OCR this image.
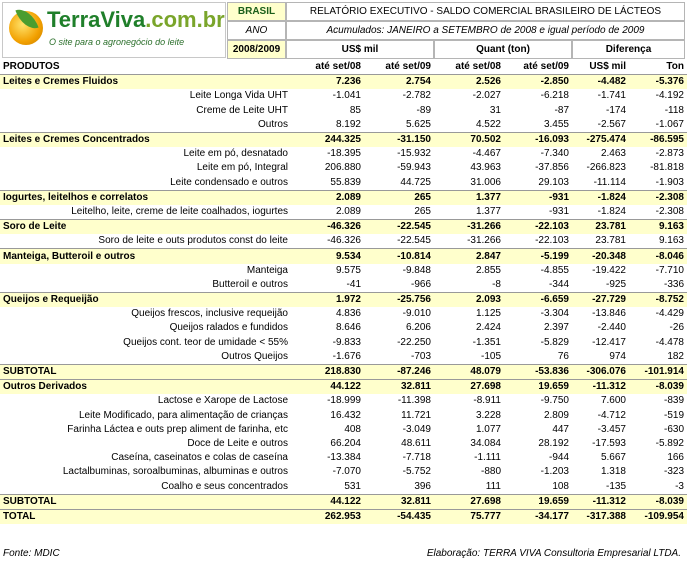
TerraViva.com.br
O site para o agronegócio do leite
BRASIL	RELATÓRIO EXECUTIVO - SALDO COMERCIAL BRASILEIRO DE LÁCTEOS
ANO	Acumulados: JANEIRO a SETEMBRO de 2008 e igual período de 2009
2008/2009	US$ mil	Quant (ton)	Diferença
PRODUTOS	até set/08	até set/09	até set/08	até set/09	US$ mil	Ton
Leites e Cremes Fluidos	7.236	2.754	2.526	-2.850	-4.482	-5.376
Leite Longa Vida UHT	-1.041	-2.782	-2.027	-6.218	-1.741	-4.192
Creme de Leite UHT	85	-89	31	-87	-174	-118
Outros	8.192	5.625	4.522	3.455	-2.567	-1.067
Leites e Cremes Concentrados	244.325	-31.150	70.502	-16.093	-275.474	-86.595
Leite em pó, desnatado	-18.395	-15.932	-4.467	-7.340	2.463	-2.873
Leite em pó, Integral	206.880	-59.943	43.963	-37.856	-266.823	-81.818
Leite condensado e outros	55.839	44.725	31.006	29.103	-11.114	-1.903
Iogurtes, leitelhos e correlatos	2.089	265	1.377	-931	-1.824	-2.308
Leitelho, leite, creme de leite coalhados, iogurtes	2.089	265	1.377	-931	-1.824	-2.308
Soro de Leite	-46.326	-22.545	-31.266	-22.103	23.781	9.163
Soro de leite e outs produtos const do leite	-46.326	-22.545	-31.266	-22.103	23.781	9.163
Manteiga, Butteroil e outros	9.534	-10.814	2.847	-5.199	-20.348	-8.046
Manteiga	9.575	-9.848	2.855	-4.855	-19.422	-7.710
Butteroil e outros	-41	-966	-8	-344	-925	-336
Queijos e Requeijão	1.972	-25.756	2.093	-6.659	-27.729	-8.752
Queijos frescos, inclusive requeijão	4.836	-9.010	1.125	-3.304	-13.846	-4.429
Queijos ralados e fundidos	8.646	6.206	2.424	2.397	-2.440	-26
Queijos cont. teor de umidade < 55%	-9.833	-22.250	-1.351	-5.829	-12.417	-4.478
Outros Queijos	-1.676	-703	-105	76	974	182
SUBTOTAL	218.830	-87.246	48.079	-53.836	-306.076	-101.914
Outros Derivados	44.122	32.811	27.698	19.659	-11.312	-8.039
Lactose e Xarope de Lactose	-18.999	-11.398	-8.911	-9.750	7.600	-839
Leite Modificado, para alimentação de crianças	16.432	11.721	3.228	2.809	-4.712	-519
Farinha Láctea e outs prep aliment de farinha, etc	408	-3.049	1.077	447	-3.457	-630
Doce de Leite e outros	66.204	48.611	34.084	28.192	-17.593	-5.892
Caseína, caseinatos e colas de caseína	-13.384	-7.718	-1.111	-944	5.667	166
Lactalbuminas, soroalbuminas, albuminas e outros	-7.070	-5.752	-880	-1.203	1.318	-323
Coalho e seus concentrados	531	396	111	108	-135	-3
SUBTOTAL	44.122	32.811	27.698	19.659	-11.312	-8.039
TOTAL	262.953	-54.435	75.777	-34.177	-317.388	-109.954
Fonte: MDIC	Elaboração: TERRA VIVA Consultoria Empresarial LTDA.
